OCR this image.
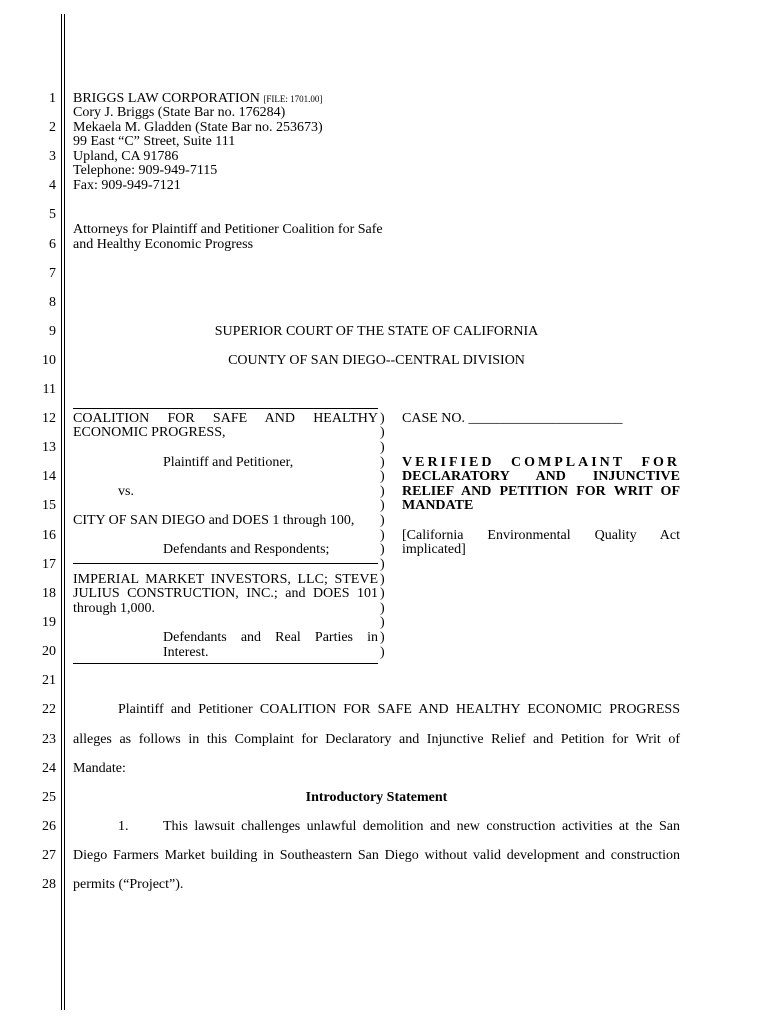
1
2
3
4
5
6
7
8
9
10
11
12
13
14
15
16
17
18
19
20
21
22
23
24
25
26
27
28
BRIGGS LAW CORPORATION [FILE: 1701.00]
Cory J. Briggs (State Bar no. 176284)
Mekaela M. Gladden (State Bar no. 253673)
99 East “C” Street, Suite 111
Upland, CA 91786
Telephone: 909-949-7115
Fax: 909-949-7121
Attorneys for Plaintiff and Petitioner Coalition for Safe
and Healthy Economic Progress
SUPERIOR COURT OF THE STATE OF CALIFORNIA
COUNTY OF SAN DIEGO--CENTRAL DIVISION
COALITION FOR SAFE AND HEALTHY
ECONOMIC PROGRESS,
Plaintiff and Petitioner,
vs.
CITY OF SAN DIEGO and DOES 1 through 100,
Defendants and Respondents;
IMPERIAL MARKET INVESTORS, LLC; STEVE
JULIUS CONSTRUCTION, INC.; and DOES 101
through 1,000.
Defendants and Real Parties in
Interest.
)
)
)
)
)
)
)
)
)
)
)
)
)
)
)
)
)
CASE NO. ______________________
VERIFIED COMPLAINT FOR
DECLARATORY AND INJUNCTIVE
RELIEF AND PETITION FOR WRIT OF
MANDATE
[California Environmental Quality Act
implicated]
Plaintiff and Petitioner COALITION FOR SAFE AND HEALTHY ECONOMIC PROGRESS
alleges as follows in this Complaint for Declaratory and Injunctive Relief and Petition for Writ of
Mandate:
Introductory Statement
1. This lawsuit challenges unlawful demolition and new construction activities at the San
Diego Farmers Market building in Southeastern San Diego without valid development and construction
permits (“Project”).
